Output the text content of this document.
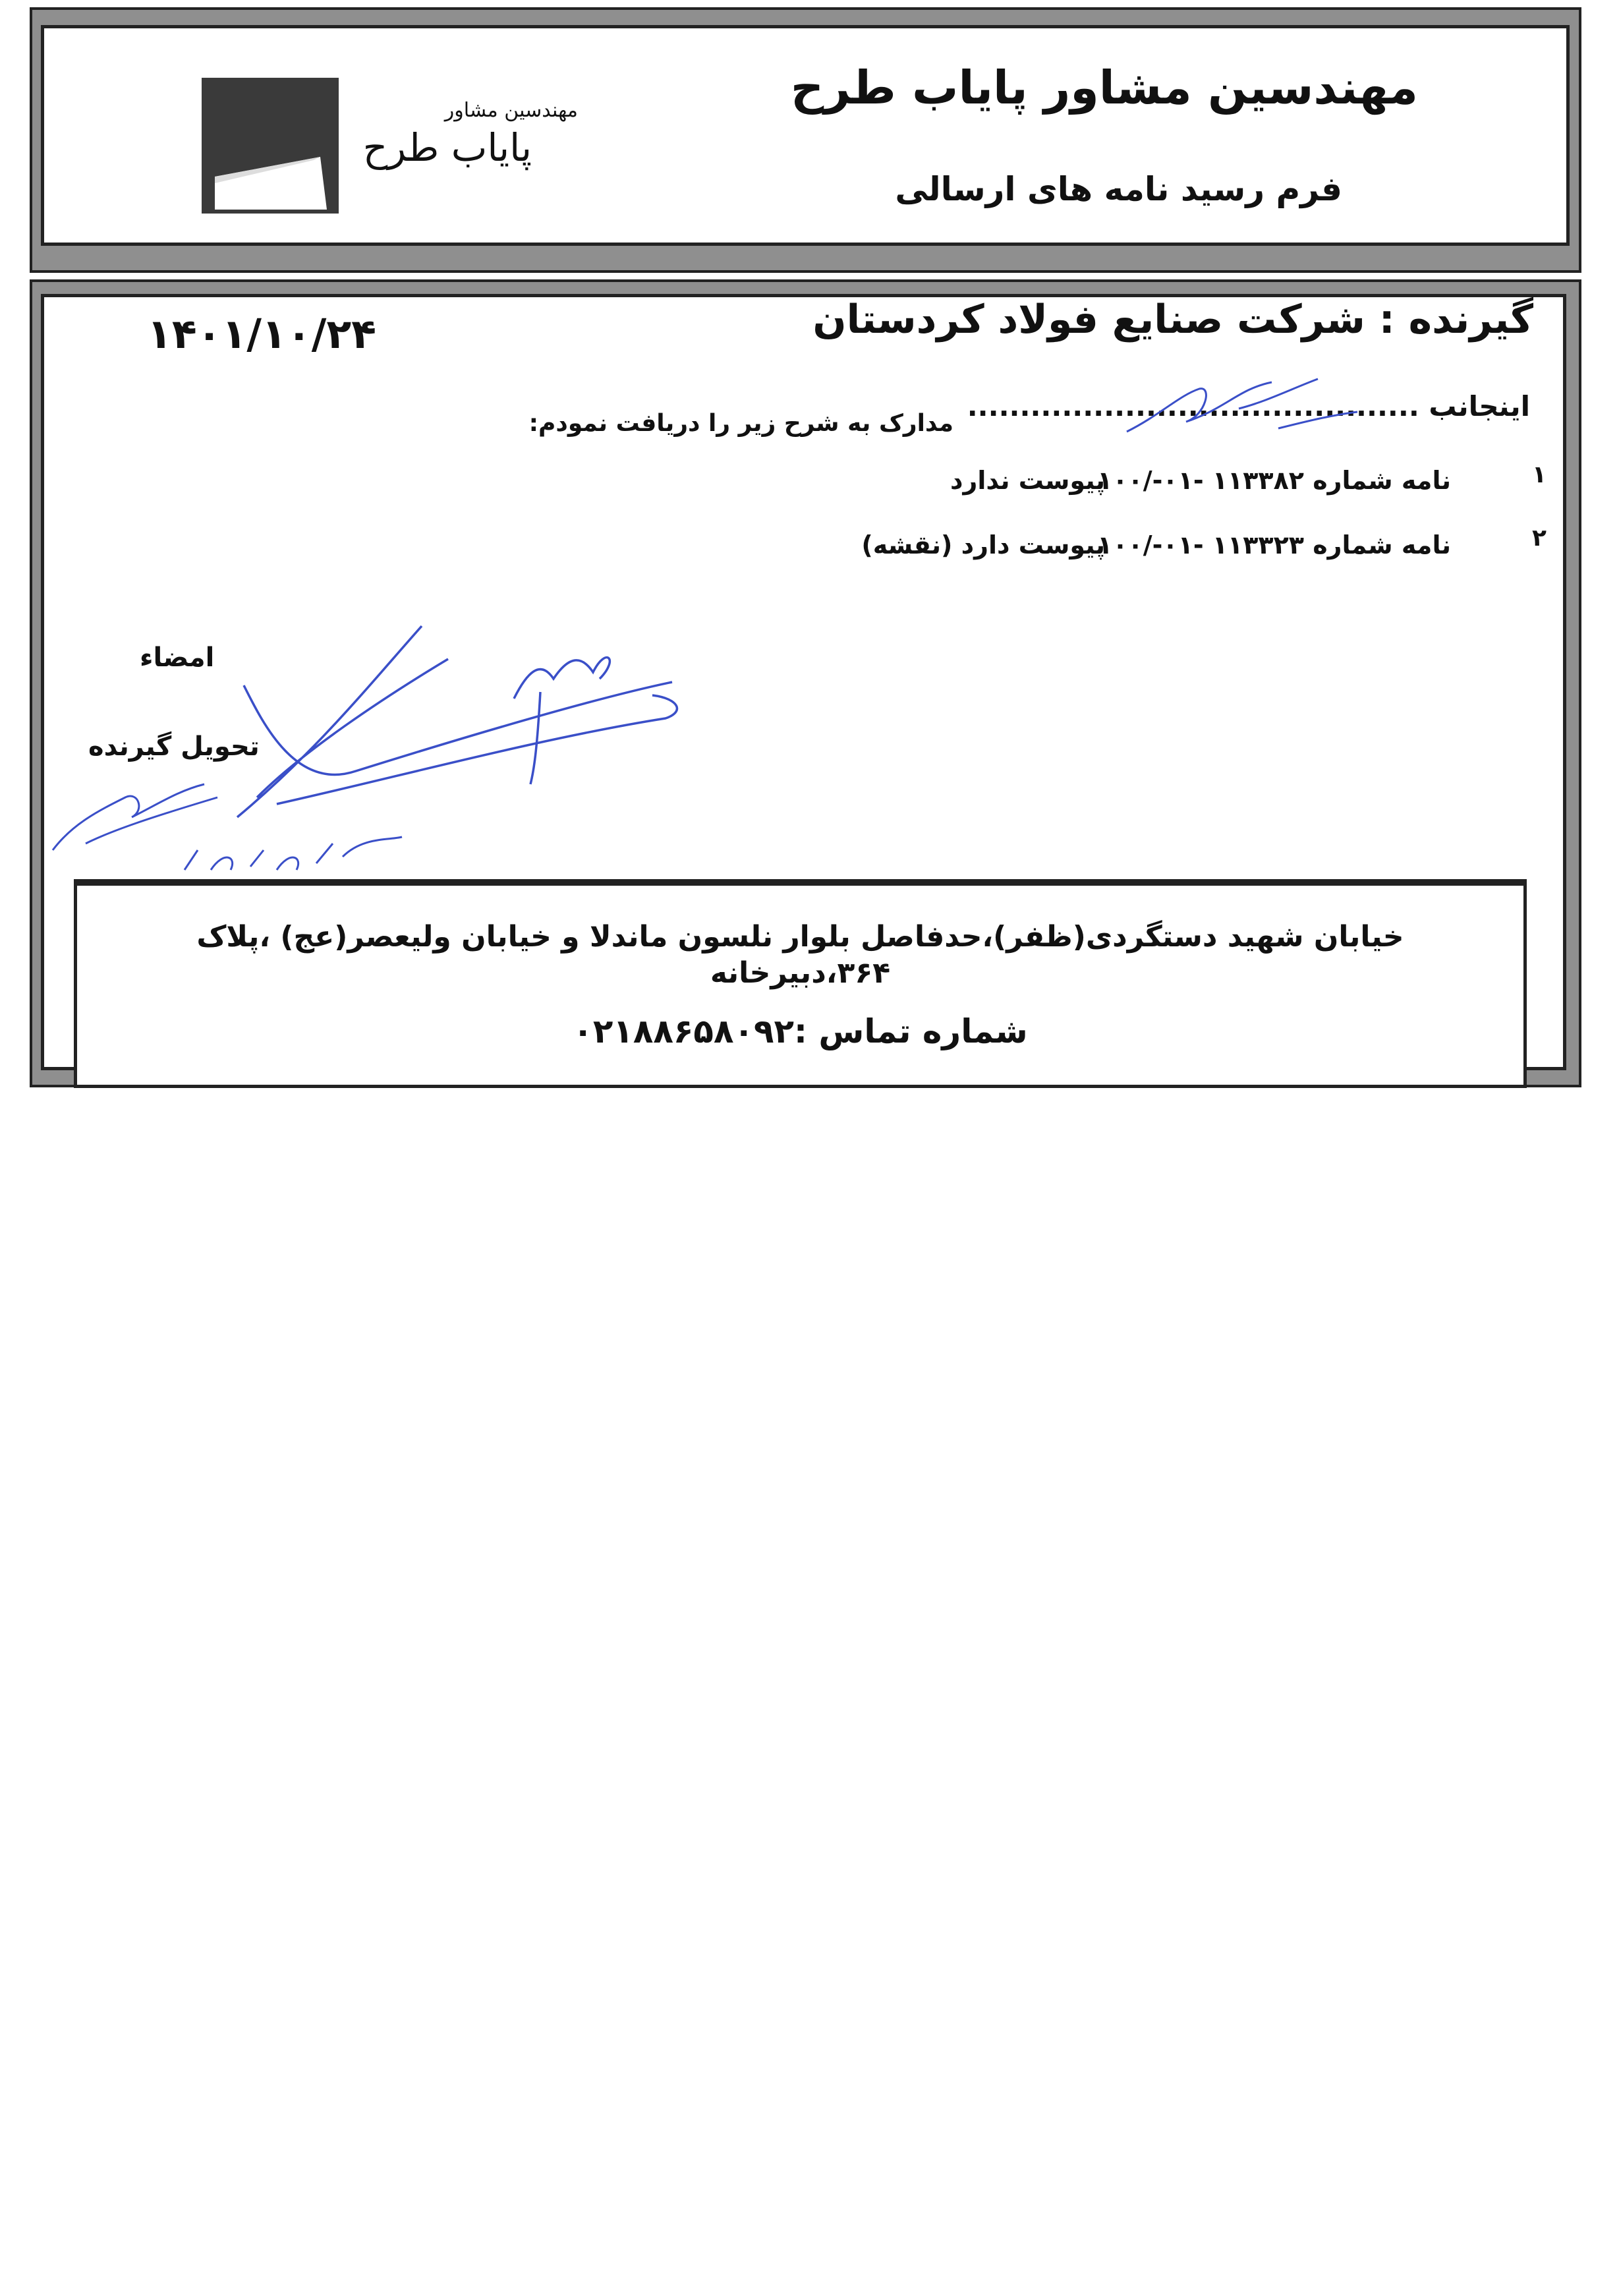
مهندسین مشاور
پایاب طرح
مهندسین مشاور پایاب طرح
فرم رسید نامه های ارسالی
گیرنده : شرکت صنایع فولاد کردستان
۱۴۰۱/۱۰/۲۴
اینجانب ...........................................
مدارک به شرح زیر را دریافت نمودم:
۱
نامه شماره ۱۱۳۳۸۲ -۰۱-/۱۰۰
پیوست ندارد
۲
نامه شماره ۱۱۳۳۲۳ -۰۱-/۱۰۰
پیوست دارد (نقشه)
امضاء
تحویل گیرنده
خیابان شهید دستگردی(ظفر)،حدفاصل بلوار نلسون ماندلا و خیابان ولیعصر(عج) ،پلاک ۳۶۴،دبیرخانه
شماره تماس :۰۲۱۸۸۶۵۸۰۹۲
